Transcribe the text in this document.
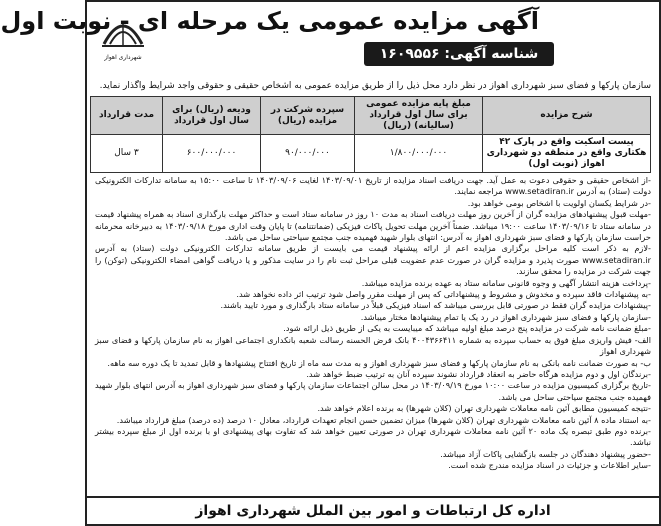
شهرداری اهواز
آگهی مزایده عمومی یک مرحله ای - نوبت اول
شناسه آگهی: ۱۶۰۹۵۵۶
سازمان پارکها و فضای سبز شهرداری اهواز در نظر دارد محل ذیل را از طریق مزایده عمومی به اشخاص حقیقی و حقوقی واجد شرایط واگذار نماید.
شرح مزایده	مبلغ پایه مزایده عمومی برای سال اول قرارداد (سالیانه) (ریال)	سپرده شرکت در مزایده (ریال)	ودیعه (ریال) برای سال اول قرارداد	مدت قرارداد
پیست اسکیت واقع در پارک ۴۲ هکتاری واقع در منطقه دو شهرداری اهواز (نوبت اول)	۱/۸۰۰/۰۰۰/۰۰۰	۹۰/۰۰۰/۰۰۰	۶۰۰/۰۰۰/۰۰۰	۳ سال

-از اشخاص حقیقی و حقوقی دعوت به عمل آید. جهت دریافت اسناد مزایده از تاریخ ۱۴۰۳/۰۹/۰۱ لغایت ۱۴۰۳/۰۹/۰۶ تا ساعت ۱۵:۰۰ به سامانه تدارکات الکترونیکی دولت (ستاد) به آدرس www.setadiran.ir مراجعه نمایند.

-در شرایط یکسان اولویت با اشخاص بومی خواهد بود.

-مهلت قبول پیشنهادهای مزایده گران از آخرین روز مهلت دریافت اسناد به مدت ۱۰ روز در سامانه ستاد است و حداکثر مهلت بارگذاری اسناد به همراه پیشنهاد قیمت در سامانه ستاد تا ۱۴۰۳/۰۹/۱۶ ساعت ۱۹:۰۰ میباشد. ضمناً آخرین مهلت تحویل پاکات فیزیکی (ضمانتنامه) تا پایان وقت اداری مورخ ۱۴۰۳/۰۹/۱۸ به دبیرخانه محرمانه حراست سازمان پارکها و فضای سبز شهرداری اهواز به آدرس: انتهای بلوار شهید فهمیده جنب مجتمع سیاحتی ساحل می باشد.

-لازم به ذکر است کلیه مراحل برگزاری مزایده اعم از ارائه پیشنهاد قیمت می بایست از طریق سامانه تدارکات الکترونیکی دولت (ستاد) به آدرس www.setadiran.ir صورت پذیرد و مزایده گران در صورت عدم عضویت قبلی مراحل ثبت نام را در سایت مذکور و یا دریافت گواهی امضاء الکترونیکی (توکن) را جهت شرکت در مزایده را محقق سازند.

-پرداخت هزینه انتشار آگهی و وجوه قانونی سامانه ستاد به عهده برنده مزایده میباشد.

-به پیشنهادات فاقد سپرده و مخدوش و مشروط و پیشنهاداتی که پس از مهلت مقرر واصل شود ترتیب اثر داده نخواهد شد.

-پیشنهادات مزایده گران فقط در صورتی قابل بررسی میباشد که اسناد فیزیکی قبلاً در سامانه ستاد بارگذاری و مورد تایید باشند.

-سازمان پارکها و فضای سبز شهرداری اهواز در رد یک یا تمام پیشنهادها مختار میباشد.

-مبلغ ضمانت نامه شرکت در مزایده پنج درصد مبلغ اولیه میباشد که میبایست به یکی از طریق ذیل ارائه شود.

الف- فیش واریزی مبلغ فوق به حساب سپرده به شماره ۴۰۰۴۳۶۶۴۱۱ بانک قرض الحسنه رسالت شعبه بانکداری اجتماعی اهواز به نام سازمان پارکها و فضای سبز شهرداری اهواز

ب- به صورت ضمانت نامه بانکی به نام سازمان پارکها و فضای سبز شهرداری اهواز و به مدت سه ماه از تاریخ افتتاح پیشنهادها و قابل تمدید تا یک دوره سه ماهه.

-برندگان اول و دوم مزایده هرگاه حاضر به انعقاد قرارداد نشوند سپرده آنان به ترتیب ضبط خواهد شد.

-تاریخ برگزاری کمیسیون مزایده در ساعت ۱۰:۰۰ مورخ ۱۴۰۳/۰۹/۱۹ در محل سالن اجتماعات سازمان پارکها و فضای سبز شهرداری اهواز به آدرس انتهای بلوار شهید فهمیده جنب مجتمع سیاحتی ساحل می باشد.

-نتیجه کمیسیون مطابق آئین نامه معاملات شهرداری تهران (کلان شهرها) به برنده اعلام خواهد شد.

-به استناد ماده ۸ آئین نامه معاملات شهرداری تهران (کلان شهرها) میزان تضمین حسن انجام تعهدات قرارداد، معادل ۱۰ درصد (ده درصد) مبلغ قرارداد میباشد.

-برنده دوم طبق تبصره یک ماده ۲۰ آئین نامه معاملات شهرداری تهران در صورتی تعیین خواهد شد که تفاوت بهای پیشنهادی او با برنده اول از مبلغ سپرده بیشتر نباشد.

-حضور پیشنهاد دهندگان در جلسه بازگشایی پاکات آزاد میباشد.

-سایر اطلاعات و جزئیات در اسناد مزایده مندرج شده است.

اداره کل ارتباطات و امور بین الملل شهرداری اهواز
